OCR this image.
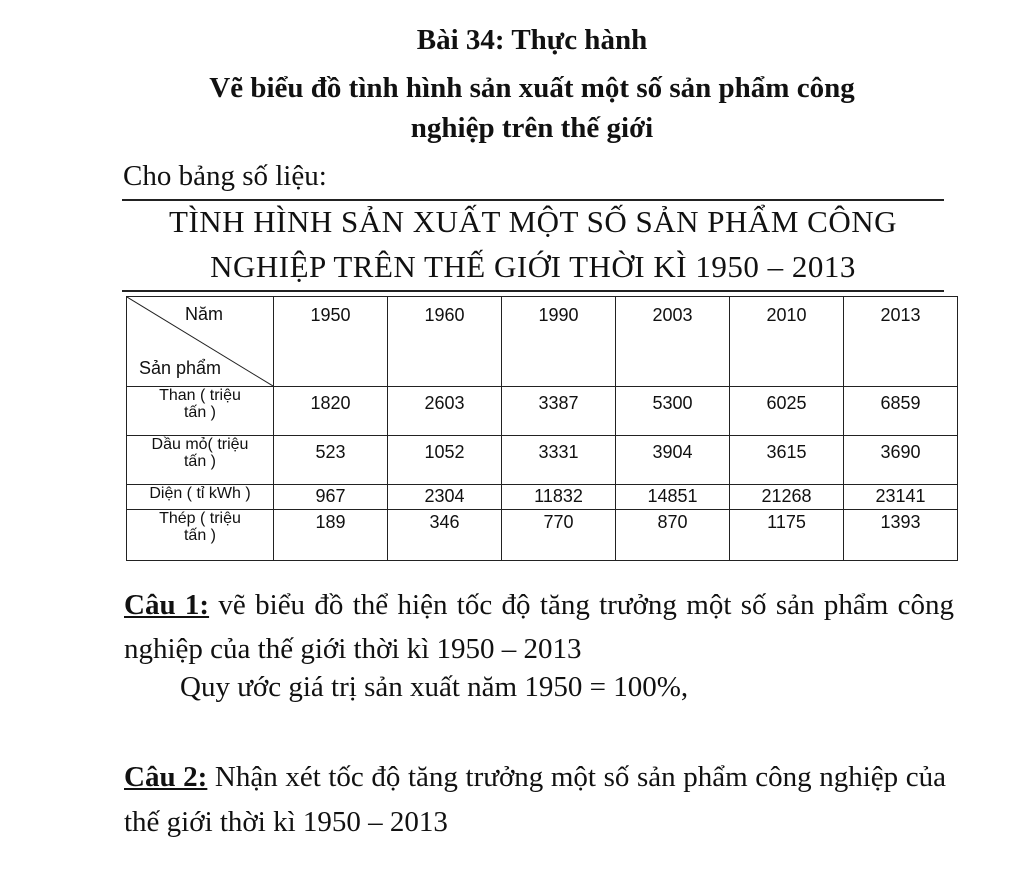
Bài 34: Thực hành
Vẽ biểu đồ tình hình sản xuất một số sản phẩm công
nghiệp trên thế giới
Cho bảng số liệu:
TÌNH HÌNH SẢN XUẤT MỘT SỐ SẢN PHẨM CÔNG
NGHIỆP TRÊN THẾ GIỚI THỜI KÌ 1950 – 2013
Năm
Sản phẩm	1950	1960	1990	2003	2010	2013

Than ( triệu
tấn )	1820	2603	3387	5300	6025	6859

Dầu mỏ( triệu
tấn )	523	1052	3331	3904	3615	3690

Diện ( tỉ kWh )	967	2304	11832	14851	21268	23141

Thép ( triệu
tấn )	189	346	770	870	1175	1393
Câu 1: vẽ biểu đồ thể hiện tốc độ tăng trưởng một số sản phẩm công nghiệp của thế giới thời kì 1950 – 2013
Quy ước giá trị sản xuất năm 1950 = 100%,
Câu 2: Nhận xét tốc độ tăng trưởng một số sản phẩm công nghiệp của thế giới thời kì 1950 – 2013
